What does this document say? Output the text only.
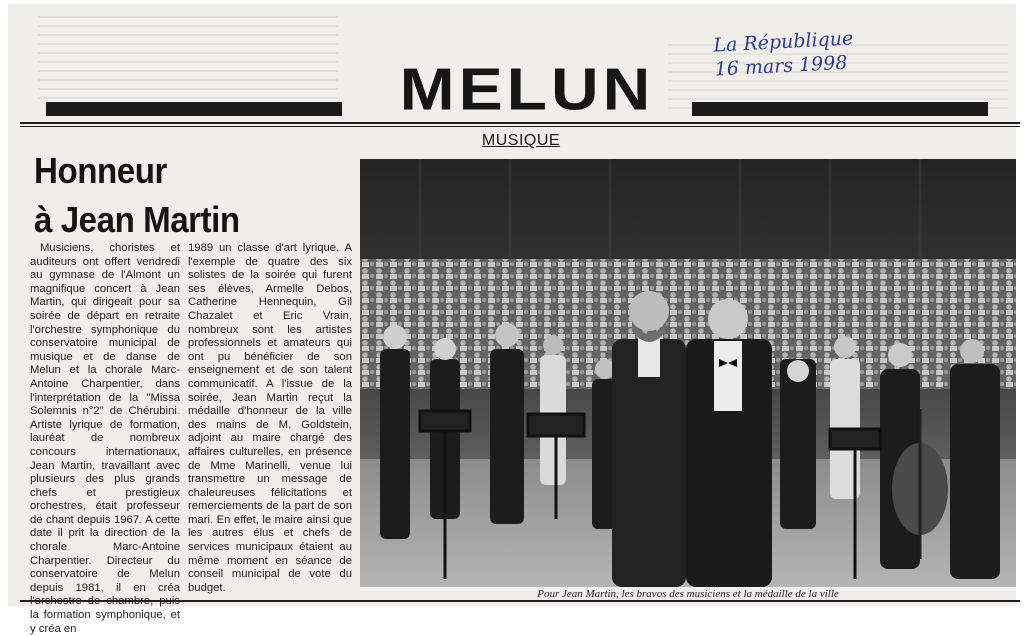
MELUN
La République
16 mars 1998
MUSIQUE
Honneur
à Jean Martin

Musiciens, choristes et auditeurs ont offert vendredi au gymnase de l'Almont un magnifique concert à Jean Martin, qui dirigeait pour sa soirée de départ en retraite l'orchestre symphonique du conservatoire municipal de musique et de danse de Melun et la chorale Marc-Antoine Charpentier, dans l'interprétation de la "Missa Solemnis n°2" de Chérubini. Artiste lyrique de formation, lauréat de nombreux concours internationaux, Jean Martin, travaillant avec plusieurs des plus grands chefs et prestigieux orchestres, était professeur de chant depuis 1967. A cette date il prit la direction de la chorale Marc-Antoine Charpentier. Directeur du conservatoire de Melun depuis 1981, il en créa la formation symphonique, et y créa en

1989 un classe d'art lyrique. A l'exemple de quatre des six solistes de la soirée qui furent ses élèves, Armelle Debos, Catherine Hennequin, Gil Chazalet et Eric Vrain, nombreux sont les artistes professionnels et amateurs qui ont pu bénéficier de son enseignement et de son talent communicatif. A l'issue de la soirée, Jean Martin reçut la médaille d'honneur de la ville des mains de M. Goldstein, adjoint au maire chargé des affaires culturelles, en présence de Mme Marinelli, venue lui transmettre un message de chaleureuses félicitations et remerciements de la part de son mari. En effet, le maire ainsi que les autres élus et chefs de services municipaux étaient au même moment en séance de conseil municipal de vote du budget.

Pour Jean Martin, les bravos des musiciens et la médaille de la ville
